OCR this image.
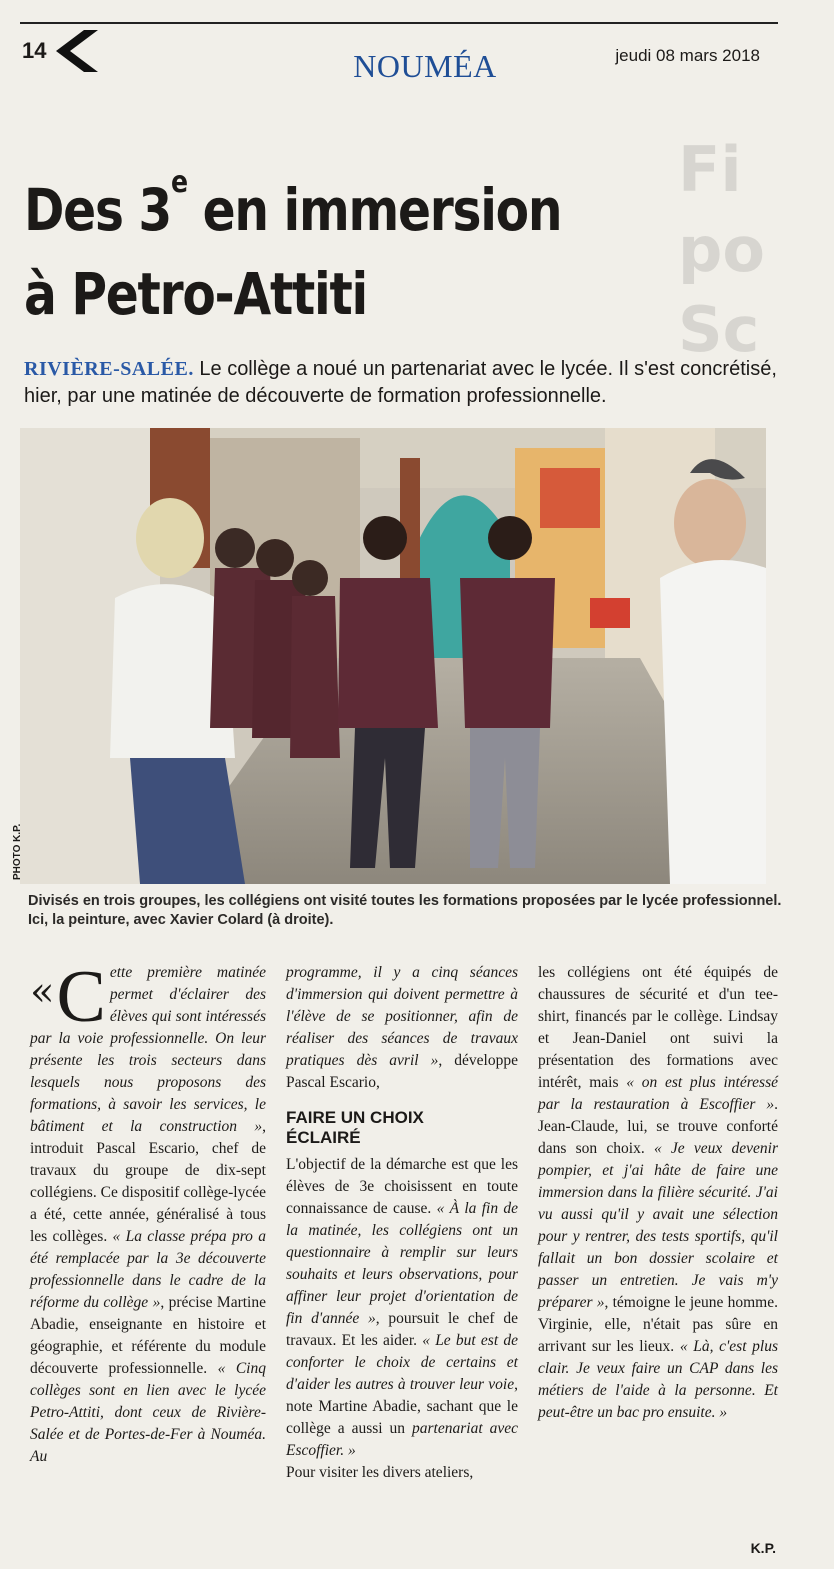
14	NOUMÉA	jeudi 08 mars 2018
Fi
po
Sc
Des 3e en immersion
à Petro-Attiti

RIVIÈRE-SALÉE. Le collège a noué un partenariat avec le lycée. Il s'est concrétisé, hier, par une matinée de découverte de formation professionnelle.

PHOTO K.P.

Divisés en trois groupes, les collégiens ont visité toutes les formations proposées par le lycée professionnel. Ici, la peinture, avec Xavier Colard (à droite).

« C ette première matinée permet d'éclairer des élèves qui sont intéressés par la voie professionnelle. On leur présente les trois secteurs dans lesquels nous proposons des formations, à savoir les services, le bâtiment et la construction », introduit Pascal Escario, chef de travaux du groupe de dix-sept collégiens. Ce dispositif collège-lycée a été, cette année, généralisé à tous les collèges. « La classe prépa pro a été remplacée par la 3e découverte professionnelle dans le cadre de la réforme du collège », précise Martine Abadie, enseignante en histoire et géographie, et référente du module découverte professionnelle. « Cinq collèges sont en lien avec le lycée Petro-Attiti, dont ceux de Rivière-Salée et de Portes-de-Fer à Nouméa. Au

programme, il y a cinq séances d'immersion qui doivent permettre à l'élève de se positionner, afin de réaliser des séances de travaux pratiques dès avril », développe Pascal Escario,

FAIRE UN CHOIX
ÉCLAIRÉ

L'objectif de la démarche est que les élèves de 3e choisissent en toute connaissance de cause. « À la fin de la matinée, les collégiens ont un questionnaire à remplir sur leurs souhaits et leurs observations, pour affiner leur projet d'orientation de fin d'année », poursuit le chef de travaux. Et les aider. « Le but est de conforter le choix de certains et d'aider les autres à trouver leur voie, note Martine Abadie, sachant que le collège a aussi un partenariat avec Escoffier. »

Pour visiter les divers ateliers,

les collégiens ont été équipés de chaussures de sécurité et d'un tee-shirt, financés par le collège. Lindsay et Jean-Daniel ont suivi la présentation des formations avec intérêt, mais « on est plus intéressé par la restauration à Escoffier ». Jean-Claude, lui, se trouve conforté dans son choix. « Je veux devenir pompier, et j'ai hâte de faire une immersion dans la filière sécurité. J'ai vu aussi qu'il y avait une sélection pour y rentrer, des tests sportifs, qu'il fallait un bon dossier scolaire et passer un entretien. Je vais m'y préparer », témoigne le jeune homme. Virginie, elle, n'était pas sûre en arrivant sur les lieux. « Là, c'est plus clair. Je veux faire un CAP dans les métiers de l'aide à la personne. Et peut-être un bac pro ensuite. »

K.P.
